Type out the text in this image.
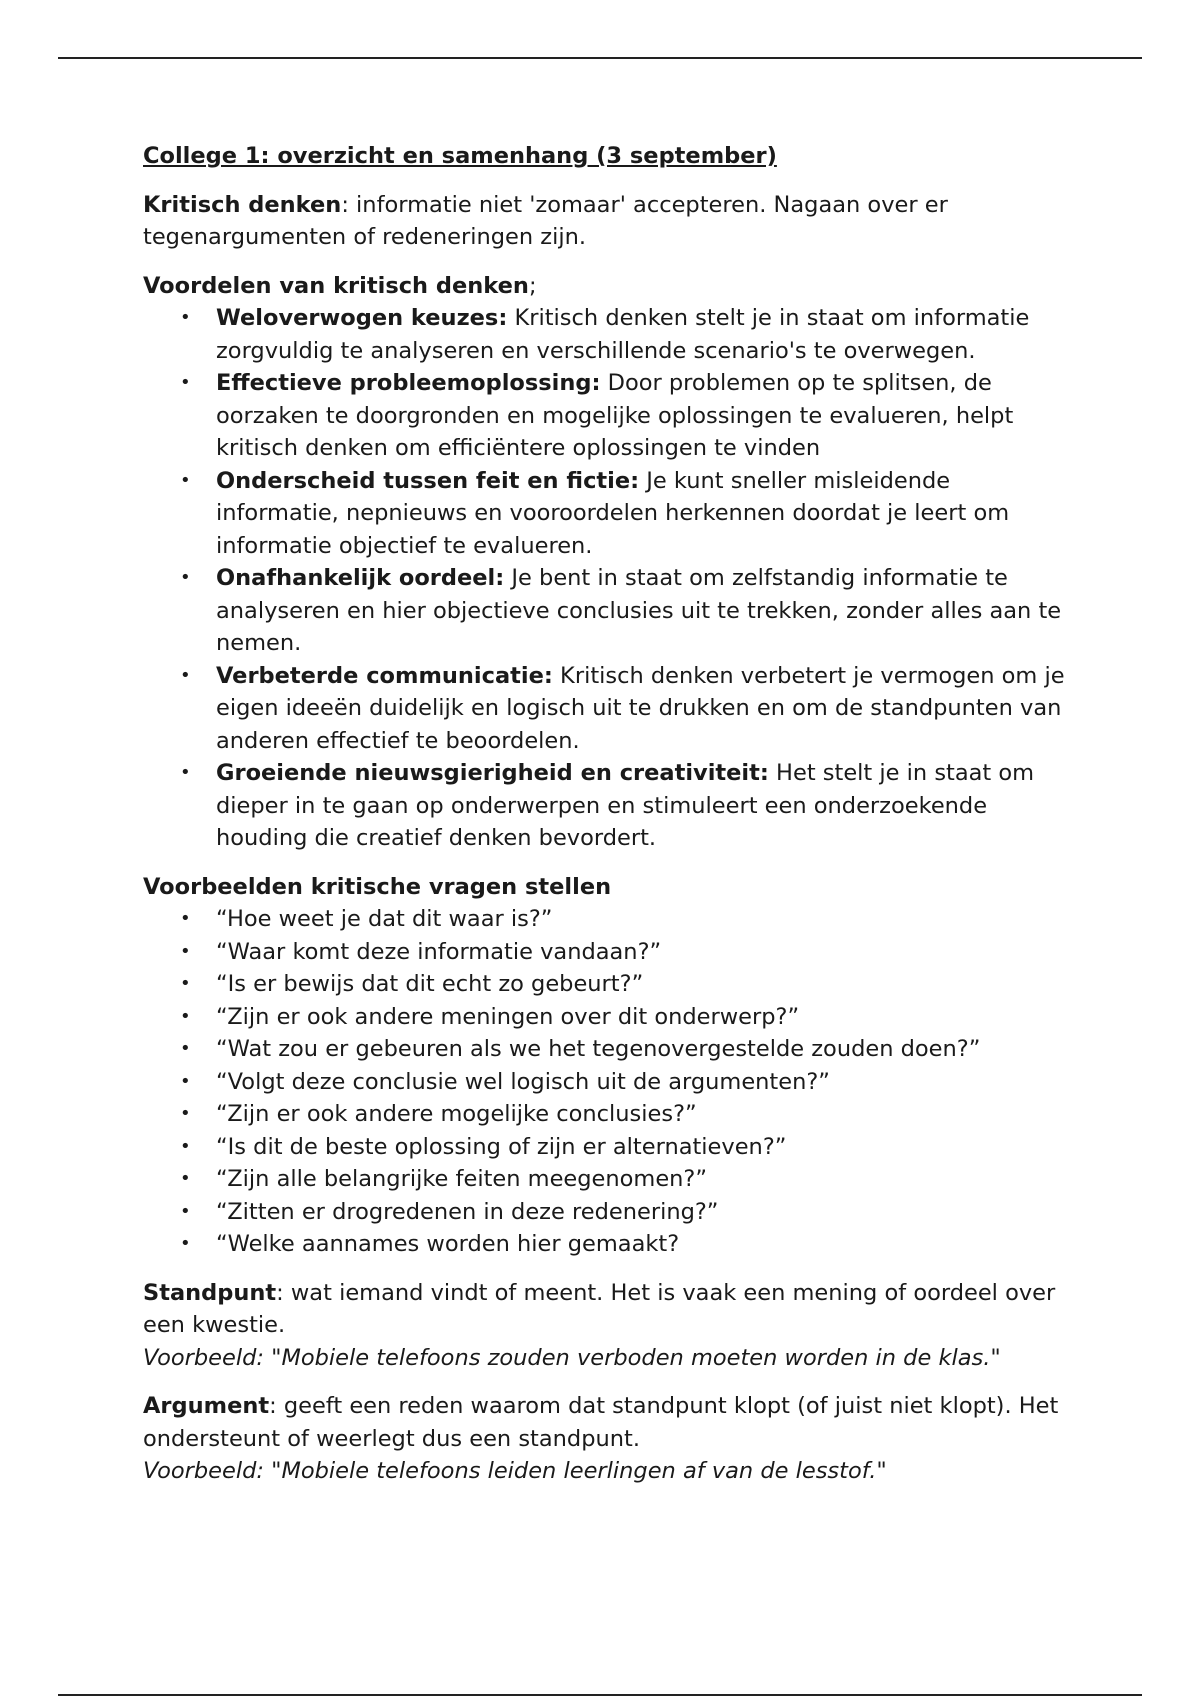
College 1: overzicht en samenhang (3 september)

Kritisch denken: informatie niet 'zomaar' accepteren. Nagaan over er tegenargumenten of redeneringen zijn.

Voordelen van kritisch denken;

• Weloverwogen keuzes: Kritisch denken stelt je in staat om informatie zorgvuldig te analyseren en verschillende scenario's te overwegen.
• Effectieve probleemoplossing: Door problemen op te splitsen, de oorzaken te doorgronden en mogelijke oplossingen te evalueren, helpt kritisch denken om efficiëntere oplossingen te vinden
• Onderscheid tussen feit en fictie: Je kunt sneller misleidende informatie, nepnieuws en vooroordelen herkennen doordat je leert om informatie objectief te evalueren.
• Onafhankelijk oordeel: Je bent in staat om zelfstandig informatie te analyseren en hier objectieve conclusies uit te trekken, zonder alles aan te nemen.
• Verbeterde communicatie: Kritisch denken verbetert je vermogen om je eigen ideeën duidelijk en logisch uit te drukken en om de standpunten van anderen effectief te beoordelen.
• Groeiende nieuwsgierigheid en creativiteit: Het stelt je in staat om dieper in te gaan op onderwerpen en stimuleert een onderzoekende houding die creatief denken bevordert.

Voorbeelden kritische vragen stellen

• “Hoe weet je dat dit waar is?”
• “Waar komt deze informatie vandaan?”
• “Is er bewijs dat dit echt zo gebeurt?”
• “Zijn er ook andere meningen over dit onderwerp?”
• “Wat zou er gebeuren als we het tegenovergestelde zouden doen?”
• “Volgt deze conclusie wel logisch uit de argumenten?”
• “Zijn er ook andere mogelijke conclusies?”
• “Is dit de beste oplossing of zijn er alternatieven?”
• “Zijn alle belangrijke feiten meegenomen?”
• “Zitten er drogredenen in deze redenering?”
• “Welke aannames worden hier gemaakt?

Standpunt: wat iemand vindt of meent. Het is vaak een mening of oordeel over een kwestie.

Voorbeeld: "Mobiele telefoons zouden verboden moeten worden in de klas."

Argument: geeft een reden waarom dat standpunt klopt (of juist niet klopt). Het ondersteunt of weerlegt dus een standpunt.

Voorbeeld: "Mobiele telefoons leiden leerlingen af van de lesstof."
